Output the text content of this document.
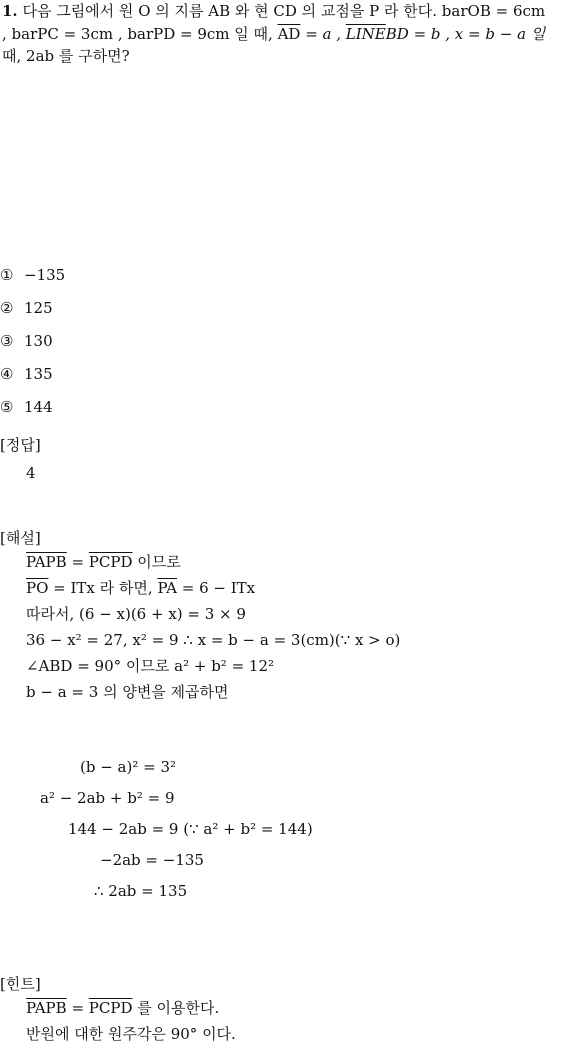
1. 다음 그림에서 원 O 의 지름 AB 와 현 CD 의 교점을 P 라 한다. barOB = 6cm
, barPC = 3cm , barPD = 9cm 일 때, $\overline{AD} = a$ , LINEBD = b , x = b − a 일
때, 2ab 를 구하면?
① −135
② 125
③ 130
④ 135
⑤ 144
[정답]
4
[해설]
PAPB = PCPD 이므로
$\overline{PO}$ = ITx 라 하면, $\overline{PA} = 6$ − ITx
따라서, (6 − x)(6 + x) = 3 × 9
36 − x² = 27, x² = 9 ∴ x = b − a = 3(cm)(∵ x > o)
∠ABD = 90° 이므로 a² + b² = 12²
b − a = 3 의 양변을 제곱하면
(b − a)² = 3²
a² − 2ab + b² = 9
144 − 2ab = 9 (∵ a² + b² = 144)
−2ab = −135
∴ 2ab = 135
[힌트]
PAPB = PCPD 를 이용한다.
반원에 대한 원주각은 90° 이다.
